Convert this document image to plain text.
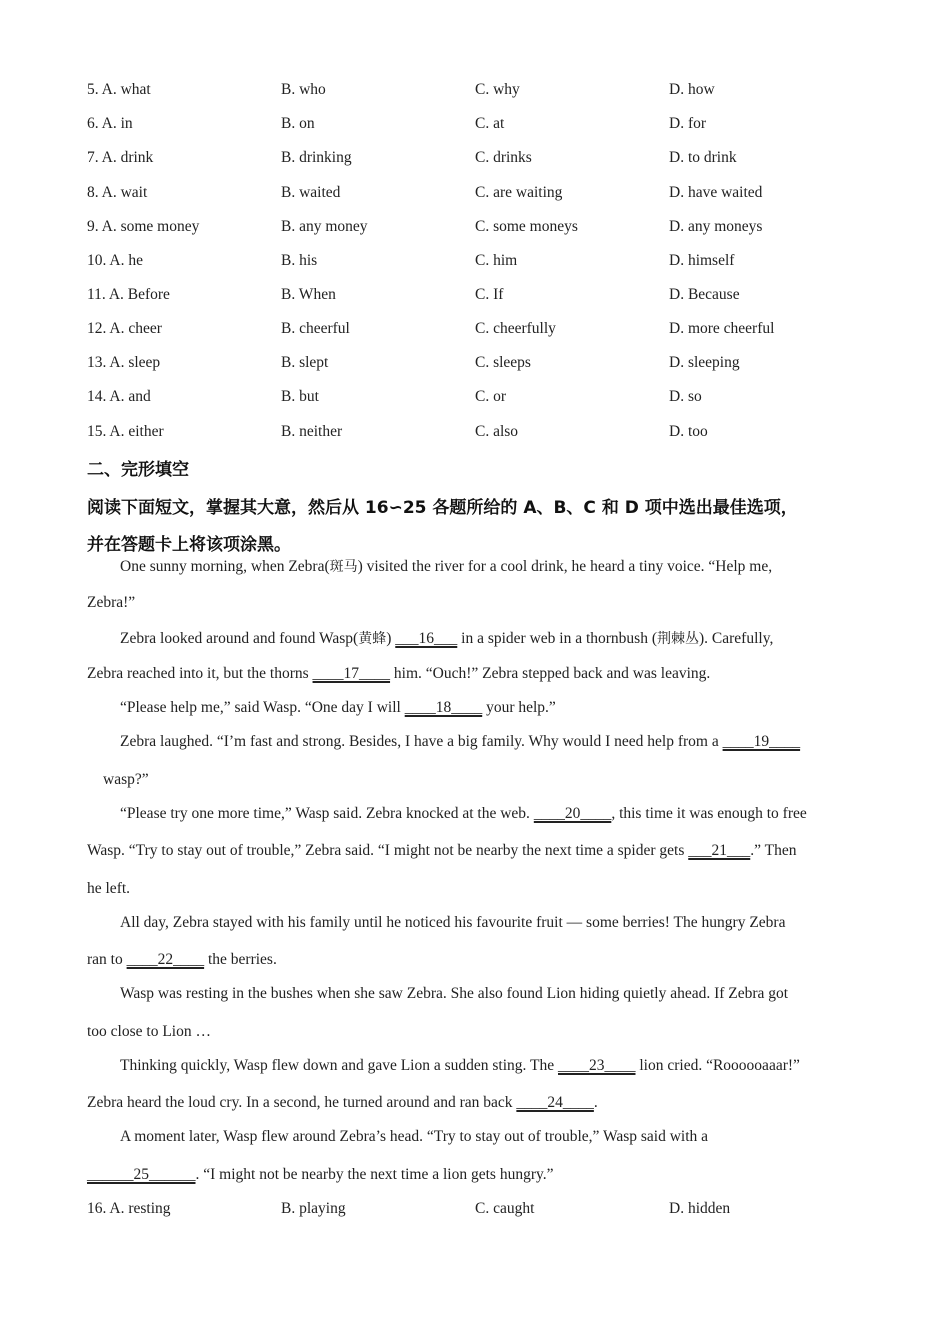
5. A. what	B. who	C. why	D. how
6. A. in	B. on	C. at	D. for
7. A. drink	B. drinking	C. drinks	D. to drink
8. A. wait	B. waited	C. are waiting	D. have waited
9. A. some money	B. any money	C. some moneys	D. any moneys
10. A. he	B. his	C. him	D. himself
11. A. Before	B. When	C. If	D. Because
12. A. cheer	B. cheerful	C. cheerfully	D. more cheerful
13. A. sleep	B. slept	C. sleeps	D. sleeping
14. A. and	B. but	C. or	D. so
15. A. either	B. neither	C. also	D. too
二、完形填空
阅读下面短文，掌握其大意，然后从 16∽25 各题所给的 A、B、C 和 D 项中选出最佳选项，
并在答题卡上将该项涂黑。
One sunny morning, when Zebra(斑马) visited the river for a cool drink, he heard a tiny voice. “Help me,
Zebra!”
Zebra looked around and found Wasp(黄蜂) ___16___ in a spider web in a thornbush (荆棘丛). Carefully,
Zebra reached into it, but the thorns ____17____ him. “Ouch!” Zebra stepped back and was leaving.
“Please help me,” said Wasp. “One day I will ____18____ your help.”
Zebra laughed. “I’m fast and strong. Besides, I have a big family. Why would I need help from a ____19____
wasp?”
“Please try one more time,” Wasp said. Zebra knocked at the web. ____20____, this time it was enough to free
Wasp. “Try to stay out of trouble,” Zebra said. “I might not be nearby the next time a spider gets ___21___.” Then
he left.
All day, Zebra stayed with his family until he noticed his favourite fruit — some berries! The hungry Zebra
ran to ____22____ the berries.
Wasp was resting in the bushes when she saw Zebra. She also found Lion hiding quietly ahead. If Zebra got
too close to Lion …
Thinking quickly, Wasp flew down and gave Lion a sudden sting. The ____23____ lion cried. “Roooooaaar!”
Zebra heard the loud cry. In a second, he turned around and ran back ____24____.
A moment later, Wasp flew around Zebra’s head. “Try to stay out of trouble,” Wasp said with a
______25______. “I might not be nearby the next time a lion gets hungry.”
16. A. resting	B. playing	C. caught	D. hidden
